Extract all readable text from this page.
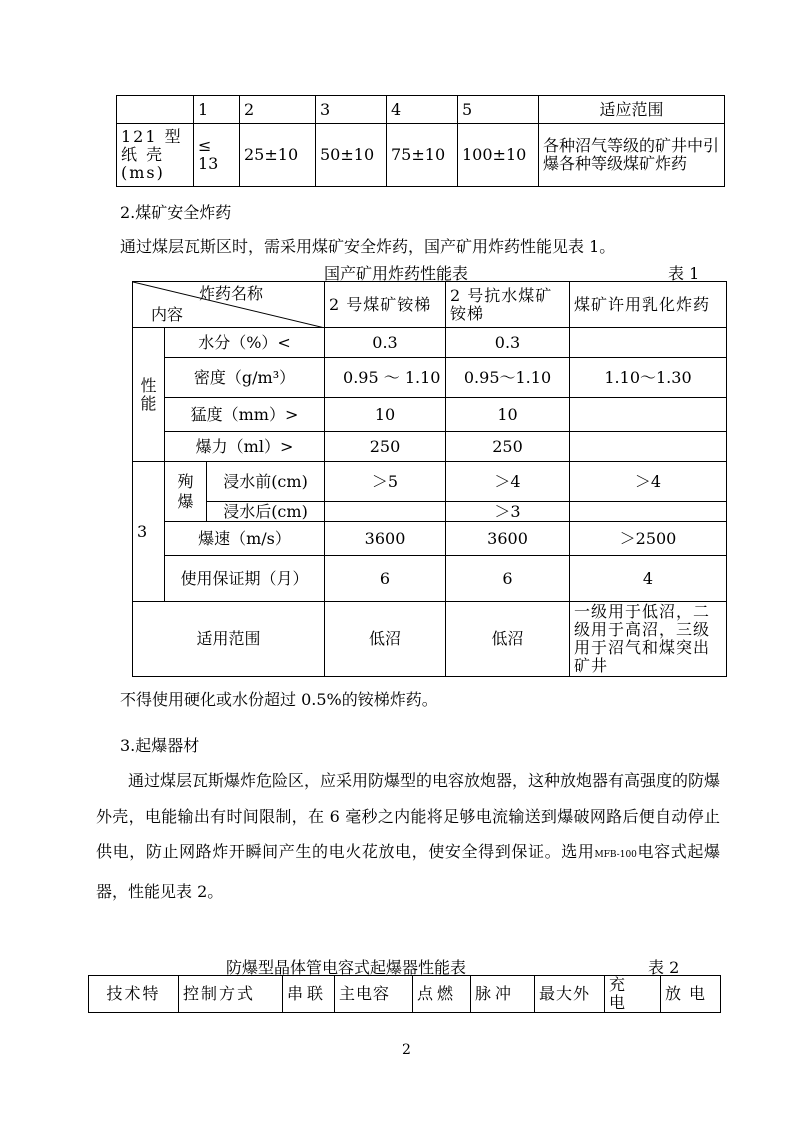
	1	2	3	4	5	适应范围
121 型纸 壳(ms)	≤ 13	25±10	50±10	75±10	100±10	各种沼气等级的矿井中引爆各种等级煤矿炸药
2.煤矿安全炸药
通过煤层瓦斯区时，需采用煤矿安全炸药，国产矿用炸药性能见表 1。
国产矿用炸药性能表	表 1
炸药名称
内容			2 号煤矿铵梯	2 号抗水煤矿铵梯	煤矿许用乳化炸药
性能	水分（%）<		0.3	0.3	
	密度（g/m³）		0.95 ～ 1.10	0.95～1.10	1.10～1.30
	猛度（mm）>		10	10	
	爆力（ml）>		250	250	
3	殉爆	浸水前(cm)	＞5	＞4	＞4
		浸水后(cm)		＞3	
	爆速（m/s）		3600	3600	＞2500
	使用保证期（月）		6	6	4
适用范围			低沼	低沼	一级用于低沼，二级用于高沼，三级用于沼气和煤突出矿井
不得使用硬化或水份超过 0.5%的铵梯炸药。
3.起爆器材
通过煤层瓦斯爆炸危险区，应采用防爆型的电容放炮器，这种放炮器有高强度的防爆外壳，电能输出有时间限制，在 6 毫秒之内能将足够电流输送到爆破网路后便自动停止供电，防止网路炸开瞬间产生的电火花放电，使安全得到保证。选用MFB-100电容式起爆器，性能见表 2。
防爆型晶体管电容式起爆器性能表	表 2
技术特	控制方式	串联	主电容	点燃	脉冲	最大外	充电	放电
2
